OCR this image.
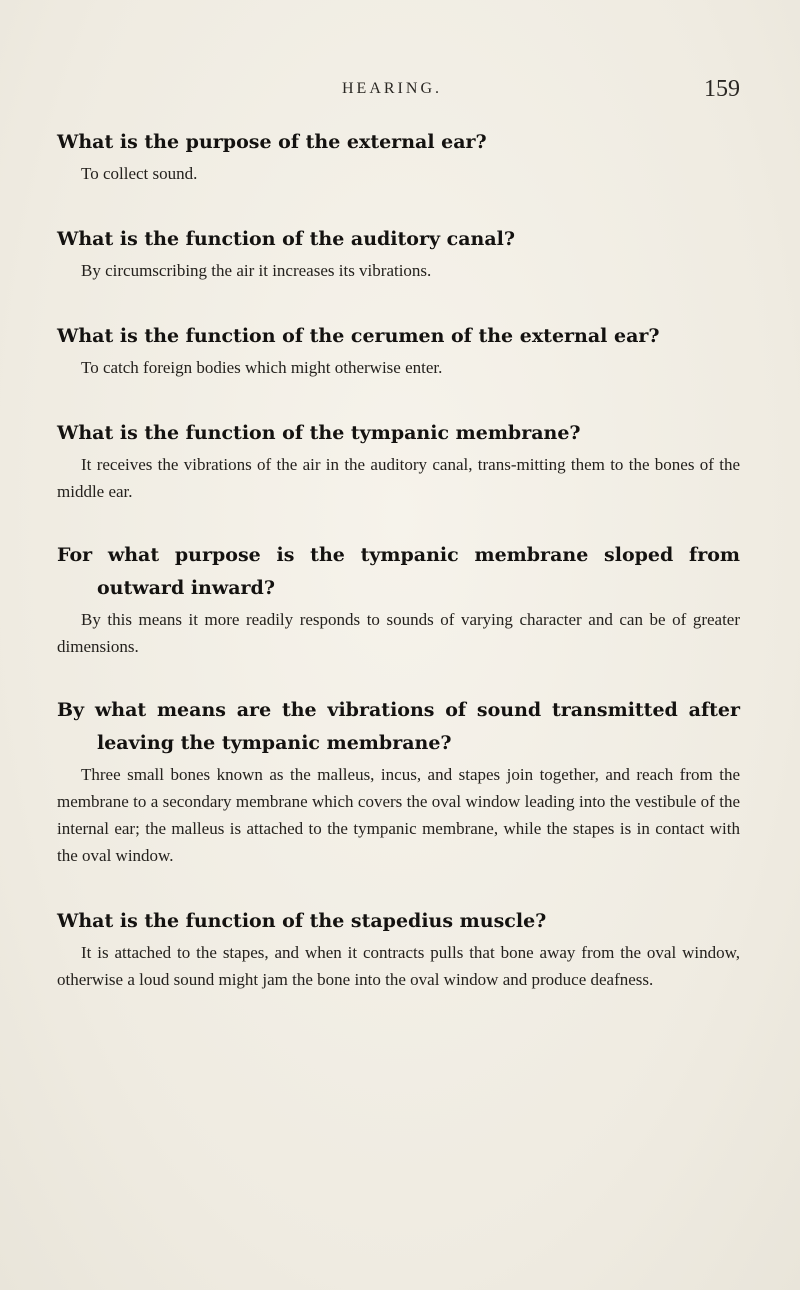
HEARING.	159
What is the purpose of the external ear?
To collect sound.
What is the function of the auditory canal?
By circumscribing the air it increases its vibrations.
What is the function of the cerumen of the external ear?
To catch foreign bodies which might otherwise enter.
What is the function of the tympanic membrane?
It receives the vibrations of the air in the auditory canal, trans-mitting them to the bones of the middle ear.
For what purpose is the tympanic membrane sloped from outward inward?
By this means it more readily responds to sounds of varying character and can be of greater dimensions.
By what means are the vibrations of sound transmitted after leaving the tympanic membrane?
Three small bones known as the malleus, incus, and stapes join together, and reach from the membrane to a secondary membrane which covers the oval window leading into the vestibule of the internal ear; the malleus is attached to the tympanic membrane, while the stapes is in contact with the oval window.
What is the function of the stapedius muscle?
It is attached to the stapes, and when it contracts pulls that bone away from the oval window, otherwise a loud sound might jam the bone into the oval window and produce deafness.
